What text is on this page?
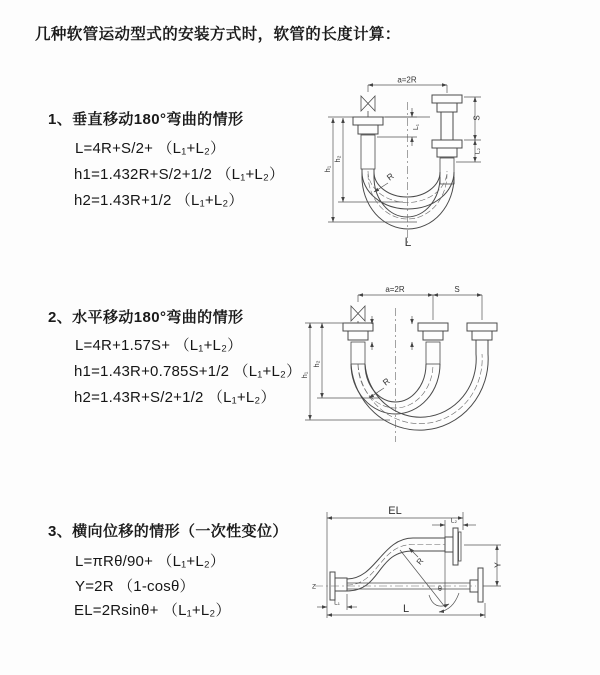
几种软管运动型式的安装方式时，软管的长度计算：
1、垂直移动180°弯曲的情形
L=4R+S/2+ （L₁+L₂）
h1=1.432R+S/2+1/2 （L₁+L₂）
h2=1.43R+1/2 （L₁+L₂）
2、水平移动180°弯曲的情形
L=4R+1.57S+ （L₁+L₂）
h1=1.43R+0.785S+1/2 （L₁+L₂）
h2=1.43R+S/2+1/2 （L₁+L₂）
3、横向位移的情形（一次性变位）
L=πRθ/90+ （L₁+L₂）
Y=2R （1-cosθ）
EL=2Rsinθ+ （L₁+L₂）
a=2R
L₁
S
L₂
h₁
h₂
R
L
a=2R	S
h₁
h₂
R
EL
L₂
Z	θ
R	Y
L₁	L
